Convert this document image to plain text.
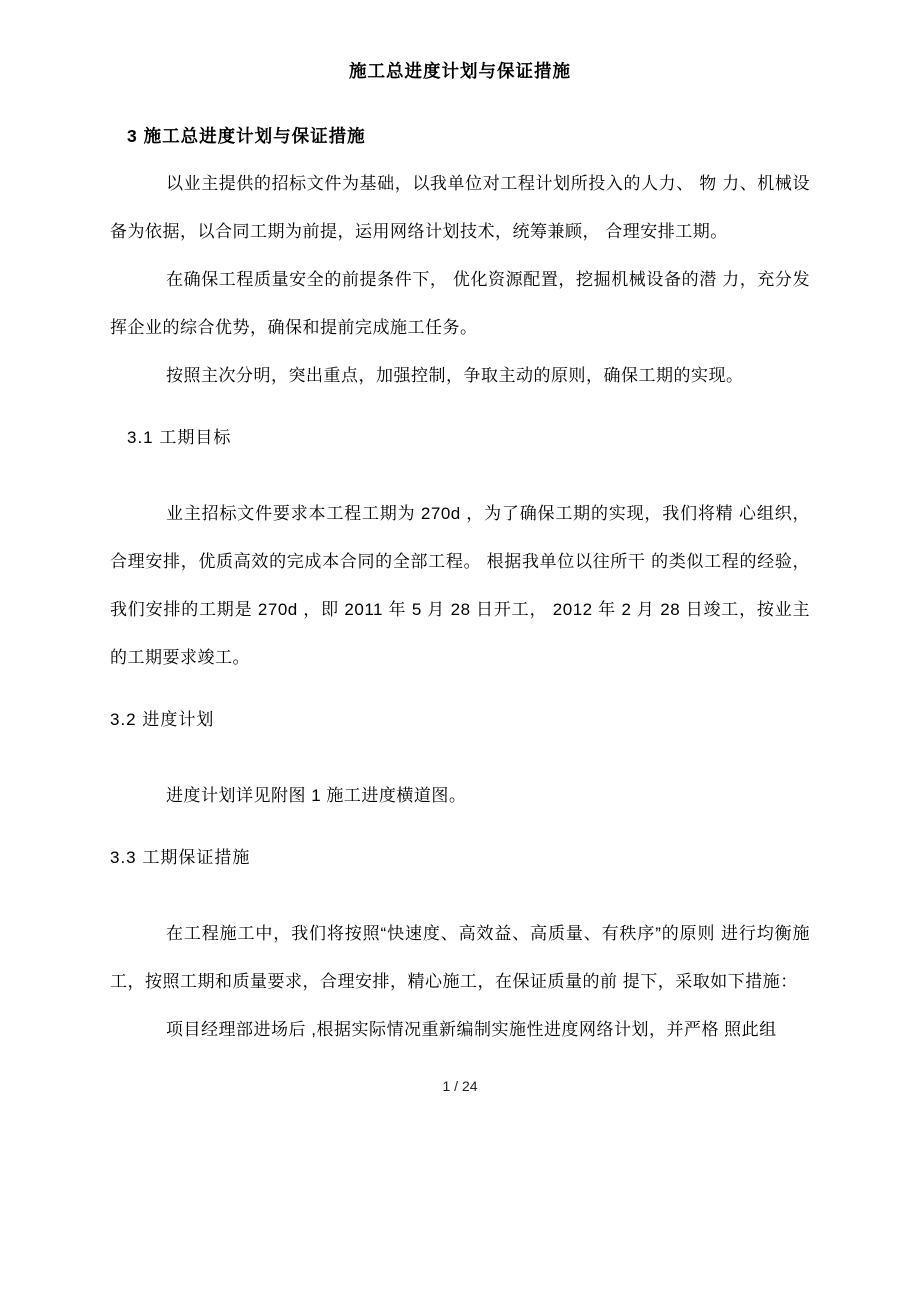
施工总进度计划与保证措施
3 施工总进度计划与保证措施

以业主提供的招标文件为基础，以我单位对工程计划所投入的人力、 物 力、机械设备为依据，以合同工期为前提，运用网络计划技术，统筹兼顾， 合理安排工期。

在确保工程质量安全的前提条件下， 优化资源配置，挖掘机械设备的潜 力，充分发挥企业的综合优势，确保和提前完成施工任务。

按照主次分明，突出重点，加强控制，争取主动的原则，确保工期的实现。

3.1 工期目标

业主招标文件要求本工程工期为 270d ，为了确保工期的实现，我们将精 心组织， 合理安排，优质高效的完成本合同的全部工程。 根据我单位以往所干 的类似工程的经验，我们安排的工期是 270d ，即 2011 年 5 月 28 日开工， 2012 年 2 月 28 日竣工，按业主的工期要求竣工。

3.2 进度计划

进度计划详见附图 1 施工进度横道图。

3.3 工期保证措施

在工程施工中，我们将按照“快速度、高效益、高质量、有秩序”的原则 进行均衡施工，按照工期和质量要求，合理安排，精心施工，在保证质量的前 提下，采取如下措施：

项目经理部进场后 ,根据实际情况重新编制实施性进度网络计划，并严格 照此组

1 / 24
